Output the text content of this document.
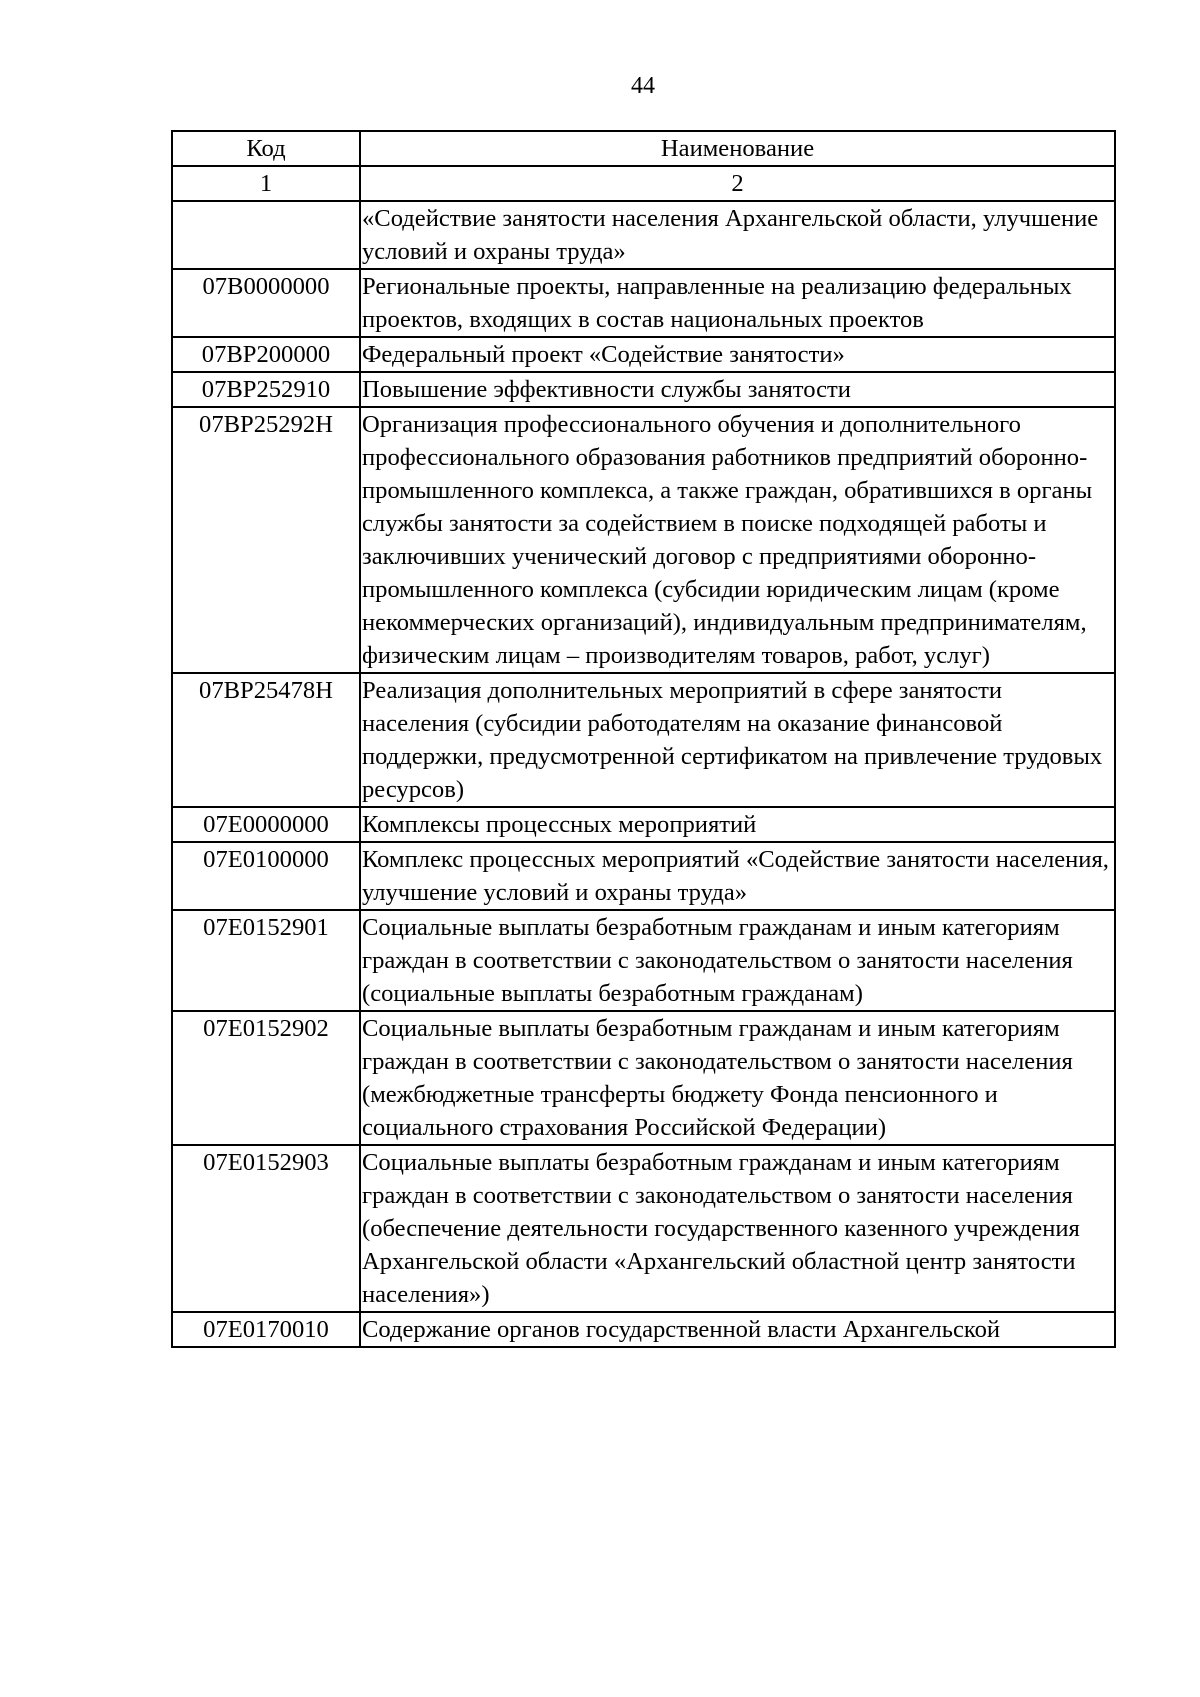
44
Код	Наименование
1	2
	«Содействие занятости населения Архангельской области, улучшение условий и охраны труда»
07В0000000	Региональные проекты, направленные на реализацию федеральных проектов, входящих в состав национальных проектов
07ВР200000	Федеральный проект «Содействие занятости»
07ВР252910	Повышение эффективности службы занятости
07ВР25292Н	Организация профессионального обучения и дополнительного профессионального образования работников предприятий оборонно-промышленного комплекса, а также граждан, обратившихся в органы службы занятости за содействием в поиске подходящей работы и заключивших ученический договор с предприятиями оборонно-промышленного комплекса (субсидии юридическим лицам (кроме некоммерческих организаций), индивидуальным предпринимателям, физическим лицам – производителям товаров, работ, услуг)
07ВР25478Н	Реализация дополнительных мероприятий в сфере занятости населения (субсидии работодателям на оказание финансовой поддержки, предусмотренной сертификатом на привлечение трудовых ресурсов)
07Е0000000	Комплексы процессных мероприятий
07Е0100000	Комплекс процессных мероприятий «Содействие занятости населения, улучшение условий и охраны труда»
07Е0152901	Социальные выплаты безработным гражданам и иным категориям граждан в соответствии с законодательством о занятости населения (социальные выплаты безработным гражданам)
07Е0152902	Социальные выплаты безработным гражданам и иным категориям граждан в соответствии с законодательством о занятости населения (межбюджетные трансферты бюджету Фонда пенсионного и социального страхования Российской Федерации)
07Е0152903	Социальные выплаты безработным гражданам и иным категориям граждан в соответствии с законодательством о занятости населения (обеспечение деятельности государственного казенного учреждения Архангельской области «Архангельский областной центр занятости населения»)
07Е0170010	Содержание органов государственной власти Архангельской
